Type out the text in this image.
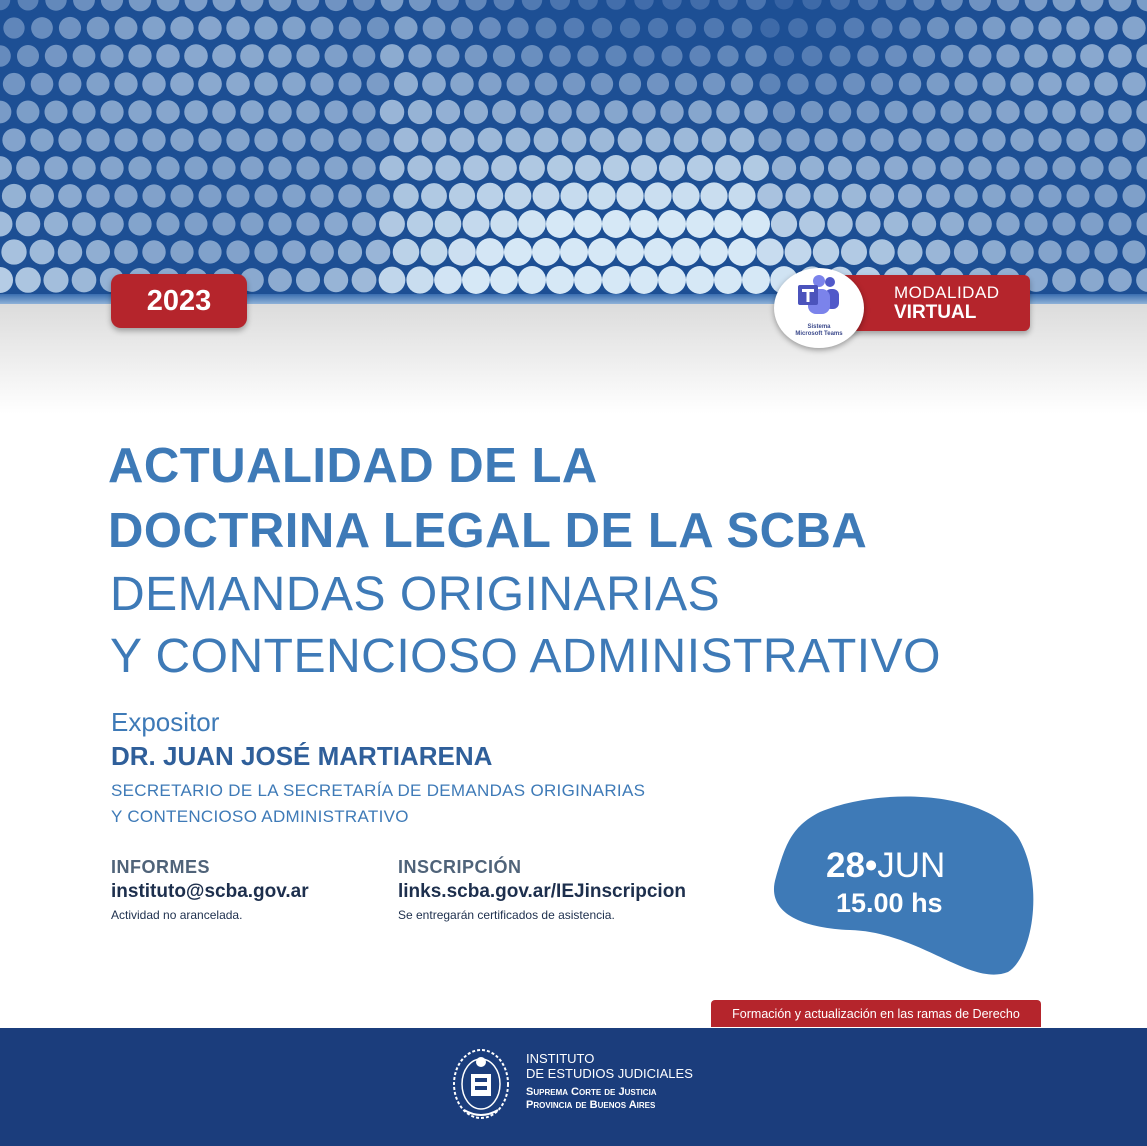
2023	MODALIDAD
VIRTUAL
Sistema
Microsoft Teams
ACTUALIDAD DE LA
DOCTRINA LEGAL DE LA SCBA
DEMANDAS ORIGINARIAS
Y CONTENCIOSO ADMINISTRATIVO
Expositor
DR. JUAN JOSÉ MARTIARENA
SECRETARIO DE LA SECRETARÍA DE DEMANDAS ORIGINARIAS
Y CONTENCIOSO ADMINISTRATIVO
INFORMES
instituto@scba.gov.ar
Actividad no arancelada.
INSCRIPCIÓN
links.scba.gov.ar/IEJinscripcion
Se entregarán certificados de asistencia.
28•JUN
15.00 hs
Formación y actualización en las ramas de Derecho
INSTITUTO
DE ESTUDIOS JUDICIALES
Suprema Corte de Justicia
Provincia de Buenos Aires
